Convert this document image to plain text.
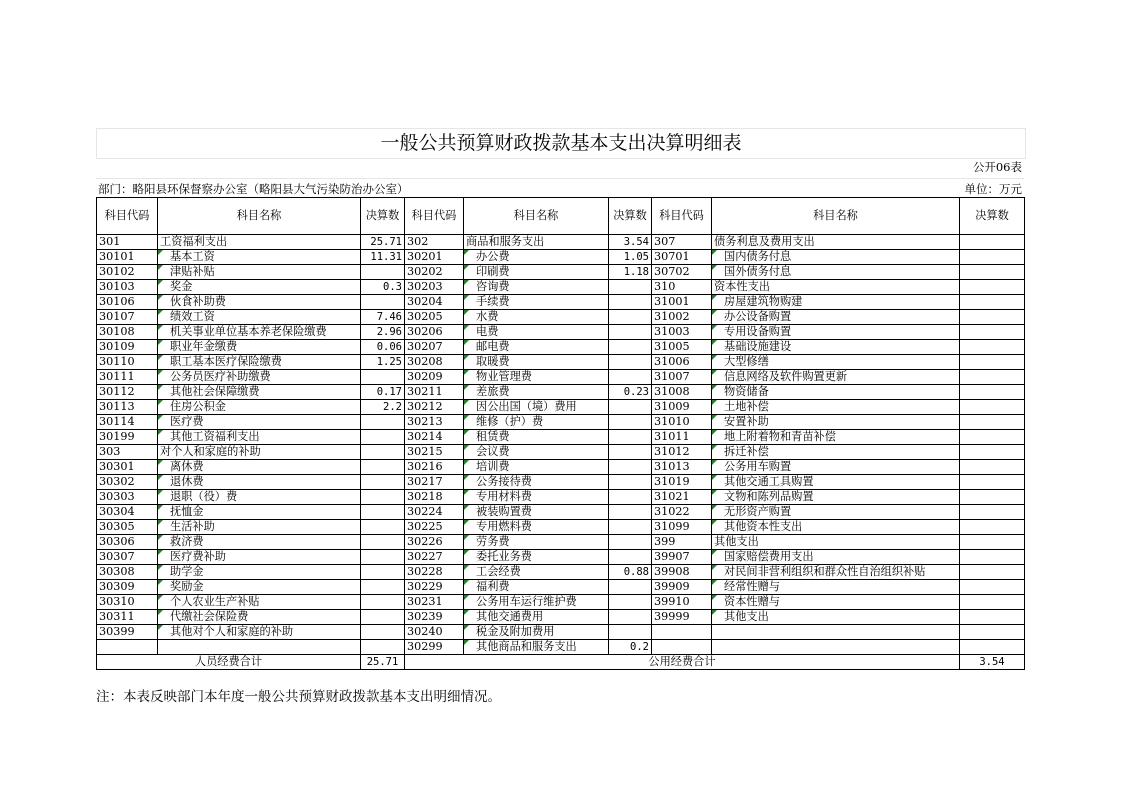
一般公共预算财政拨款基本支出决算明细表
公开06表
部门：略阳县环保督察办公室（略阳县大气污染防治办公室）	单位：万元
科目代码	科目名称	决算数	科目代码	科目名称	决算数	科目代码	科目名称	决算数
301	工资福利支出	25.71	302	商品和服务支出	3.54	307	债务利息及费用支出	
30101	基本工资	11.31	30201	办公费	1.05	30701	国内债务付息	
30102	津贴补贴		30202	印刷费	1.18	30702	国外债务付息	
30103	奖金	0.3	30203	咨询费		310	资本性支出	
30106	伙食补助费		30204	手续费		31001	房屋建筑物购建	
30107	绩效工资	7.46	30205	水费		31002	办公设备购置	
30108	机关事业单位基本养老保险缴费	2.96	30206	电费		31003	专用设备购置	
30109	职业年金缴费	0.06	30207	邮电费		31005	基础设施建设	
30110	职工基本医疗保险缴费	1.25	30208	取暖费		31006	大型修缮	
30111	公务员医疗补助缴费		30209	物业管理费		31007	信息网络及软件购置更新	
30112	其他社会保障缴费	0.17	30211	差旅费	0.23	31008	物资储备	
30113	住房公积金	2.2	30212	因公出国（境）费用		31009	土地补偿	
30114	医疗费		30213	维修（护）费		31010	安置补助	
30199	其他工资福利支出		30214	租赁费		31011	地上附着物和青苗补偿	
303	对个人和家庭的补助		30215	会议费		31012	拆迁补偿	
30301	离休费		30216	培训费		31013	公务用车购置	
30302	退休费		30217	公务接待费		31019	其他交通工具购置	
30303	退职（役）费		30218	专用材料费		31021	文物和陈列品购置	
30304	抚恤金		30224	被装购置费		31022	无形资产购置	
30305	生活补助		30225	专用燃料费		31099	其他资本性支出	
30306	救济费		30226	劳务费		399	其他支出	
30307	医疗费补助		30227	委托业务费		39907	国家赔偿费用支出	
30308	助学金		30228	工会经费	0.88	39908	对民间非营利组织和群众性自治组织补贴	
30309	奖励金		30229	福利费		39909	经常性赠与	
30310	个人农业生产补贴		30231	公务用车运行维护费		39910	资本性赠与	
30311	代缴社会保险费		30239	其他交通费用		39999	其他支出	
30399	其他对个人和家庭的补助		30240	税金及附加费用				
			30299	其他商品和服务支出	0.2			
人员经费合计		25.71	公用经费合计					3.54
注：本表反映部门本年度一般公共预算财政拨款基本支出明细情况。
